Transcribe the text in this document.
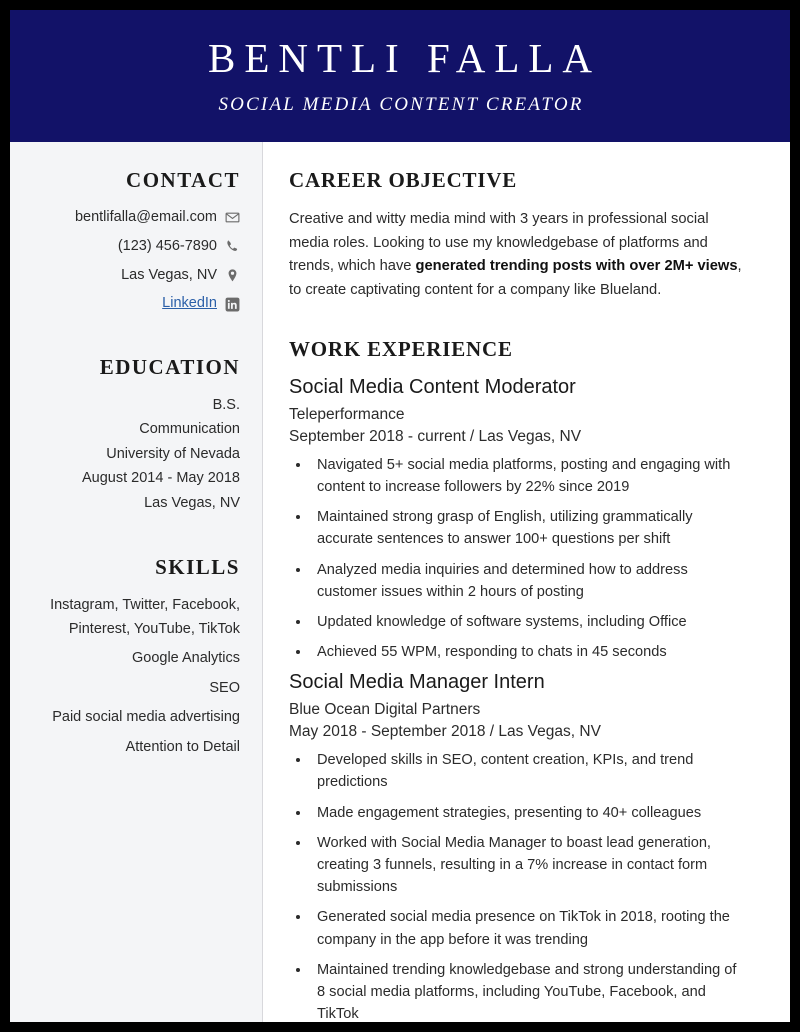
BENTLI FALLA
SOCIAL MEDIA CONTENT CREATOR
CONTACT
bentlifalla@email.com
(123) 456-7890
Las Vegas, NV
LinkedIn
EDUCATION
B.S.
Communication
University of Nevada
August 2014 - May 2018
Las Vegas, NV
SKILLS
Instagram, Twitter, Facebook, Pinterest, YouTube, TikTok
Google Analytics
SEO
Paid social media advertising
Attention to Detail
CAREER OBJECTIVE

Creative and witty media mind with 3 years in professional social media roles. Looking to use my knowledgebase of platforms and trends, which have generated trending posts with over 2M+ views, to create captivating content for a company like Blueland.

WORK EXPERIENCE
Social Media Content Moderator
Teleperformance
September 2018 - current / Las Vegas, NV
• Navigated 5+ social media platforms, posting and engaging with content to increase followers by 22% since 2019
• Maintained strong grasp of English, utilizing grammatically accurate sentences to answer 100+ questions per shift
• Analyzed media inquiries and determined how to address customer issues within 2 hours of posting
• Updated knowledge of software systems, including Office
• Achieved 55 WPM, responding to chats in 45 seconds
Social Media Manager Intern
Blue Ocean Digital Partners
May 2018 - September 2018 / Las Vegas, NV
• Developed skills in SEO, content creation, KPIs, and trend predictions
• Made engagement strategies, presenting to 40+ colleagues
• Worked with Social Media Manager to boast lead generation, creating 3 funnels, resulting in a 7% increase in contact form submissions
• Generated social media presence on TikTok in 2018, rooting the company in the app before it was trending
• Maintained trending knowledgebase and strong understanding of 8 social media platforms, including YouTube, Facebook, and TikTok
